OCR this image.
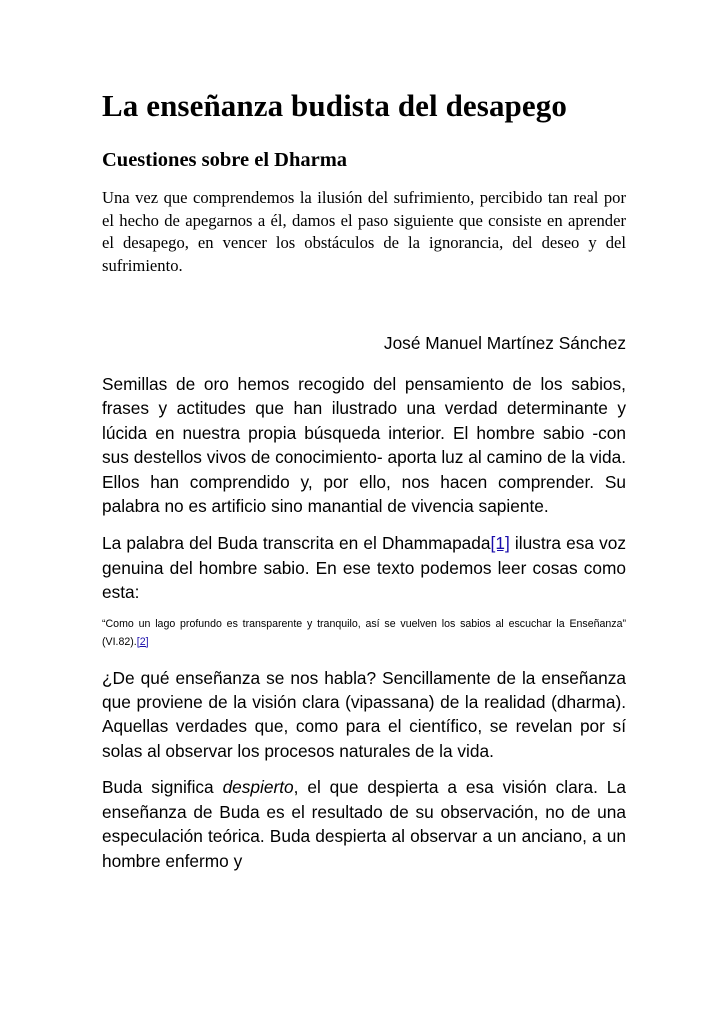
La enseñanza budista del desapego
Cuestiones sobre el Dharma

Una vez que comprendemos la ilusión del sufrimiento, percibido tan real por el hecho de apegarnos a él, damos el paso siguiente que consiste en aprender el desapego, en vencer los obstáculos de la ignorancia, del deseo y del sufrimiento.

José Manuel Martínez Sánchez

Semillas de oro hemos recogido del pensamiento de los sabios, frases y actitudes que han ilustrado una verdad determinante y lúcida en nuestra propia búsqueda interior. El hombre sabio -con sus destellos vivos de conocimiento- aporta luz al camino de la vida. Ellos han comprendido y, por ello, nos hacen comprender. Su palabra no es artificio sino manantial de vivencia sapiente.

La palabra del Buda transcrita en el Dhammapada[1] ilustra esa voz genuina del hombre sabio. En ese texto podemos leer cosas como esta:

“Como un lago profundo es transparente y tranquilo, así se vuelven los sabios al escuchar la Enseñanza” (VI.82).[2]

¿De qué enseñanza se nos habla? Sencillamente de la enseñanza que proviene de la visión clara (vipassana) de la realidad (dharma). Aquellas verdades que, como para el científico, se revelan por sí solas al observar los procesos naturales de la vida.

Buda significa despierto, el que despierta a esa visión clara. La enseñanza de Buda es el resultado de su observación, no de una especulación teórica. Buda despierta al observar a un anciano, a un hombre enfermo y
